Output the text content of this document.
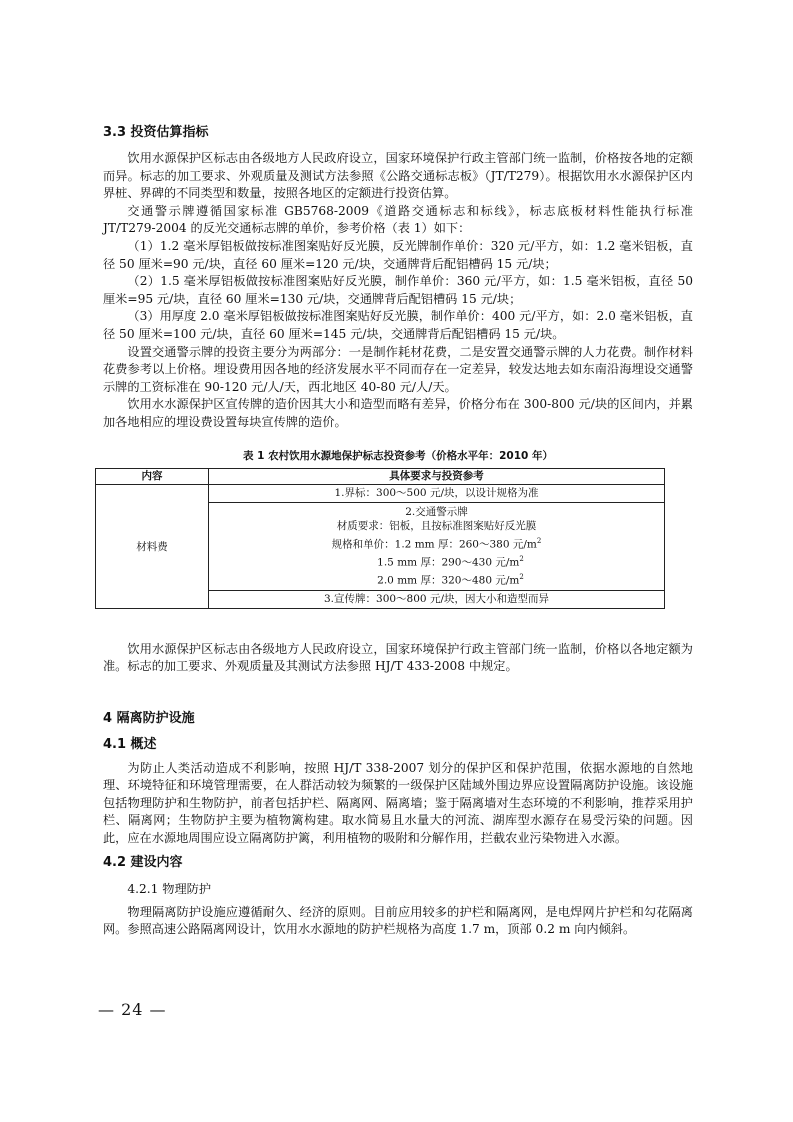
3.3 投资估算指标

饮用水源保护区标志由各级地方人民政府设立，国家环境保护行政主管部门统一监制，价格按各地的定额而异。标志的加工要求、外观质量及测试方法参照《公路交通标志板》（JT/T279）。根据饮用水水源保护区内界桩、界碑的不同类型和数量，按照各地区的定额进行投资估算。

交通警示牌遵循国家标准 GB5768-2009《道路交通标志和标线》，标志底板材料性能执行标准 JT/T279-2004 的反光交通标志牌的单价，参考价格（表 1）如下：

（1）1.2 毫米厚铝板做按标准图案贴好反光膜，反光牌制作单价：320 元/平方，如：1.2 毫米铝板，直径 50 厘米=90 元/块，直径 60 厘米=120 元/块，交通牌背后配铝槽码 15 元/块；

（2）1.5 毫米厚铝板做按标准图案贴好反光膜，制作单价：360 元/平方，如：1.5 毫米铝板，直径 50 厘米=95 元/块，直径 60 厘米=130 元/块，交通牌背后配铝槽码 15 元/块；

（3）用厚度 2.0 毫米厚铝板做按标准图案贴好反光膜，制作单价：400 元/平方，如：2.0 毫米铝板，直径 50 厘米=100 元/块，直径 60 厘米=145 元/块，交通牌背后配铝槽码 15 元/块。

设置交通警示牌的投资主要分为两部分：一是制作耗材花费，二是安置交通警示牌的人力花费。制作材料花费参考以上价格。埋设费用因各地的经济发展水平不同而存在一定差异，较发达地去如东南沿海埋设交通警示牌的工资标准在 90-120 元/人/天，西北地区 40-80 元/人/天。

饮用水水源保护区宣传牌的造价因其大小和造型而略有差异，价格分布在 300-800 元/块的区间内，并累加各地相应的埋设费设置每块宣传牌的造价。

表 1 农村饮用水源地保护标志投资参考（价格水平年：2010 年）
内容	具体要求与投资参考
材料费	1.界标：300～500 元/块，以设计规格为准

	2.交通警示牌
材质要求：铝板，且按标准图案贴好反光膜
规格和单价：1.2 mm 厚：260～380 元$/m^2$
1.5 mm 厚：290～430 元$/m^2$
2.0 mm 厚：320～480 元$/m^2$

	3.宣传牌：300～800 元/块，因大小和造型而异

饮用水源保护区标志由各级地方人民政府设立，国家环境保护行政主管部门统一监制，价格以各地定额为准。标志的加工要求、外观质量及其测试方法参照 HJ/T 433-2008 中规定。

4 隔离防护设施
4.1 概述

为防止人类活动造成不利影响，按照 HJ/T 338-2007 划分的保护区和保护范围，依据水源地的自然地理、环境特征和环境管理需要，在人群活动较为频繁的一级保护区陆域外围边界应设置隔离防护设施。该设施包括物理防护和生物防护，前者包括护栏、隔离网、隔离墙；鉴于隔离墙对生态环境的不利影响，推荐采用护栏、隔离网；生物防护主要为植物篱构建。取水简易且水量大的河流、湖库型水源存在易受污染的问题。因此，应在水源地周围应设立隔离防护篱，利用植物的吸附和分解作用，拦截农业污染物进入水源。

4.2 建设内容
4.2.1 物理防护

物理隔离防护设施应遵循耐久、经济的原则。目前应用较多的护栏和隔离网，是电焊网片护栏和勾花隔离网。参照高速公路隔离网设计，饮用水水源地的防护栏规格为高度 1.7 m，顶部 0.2 m 向内倾斜。

— 24 —
